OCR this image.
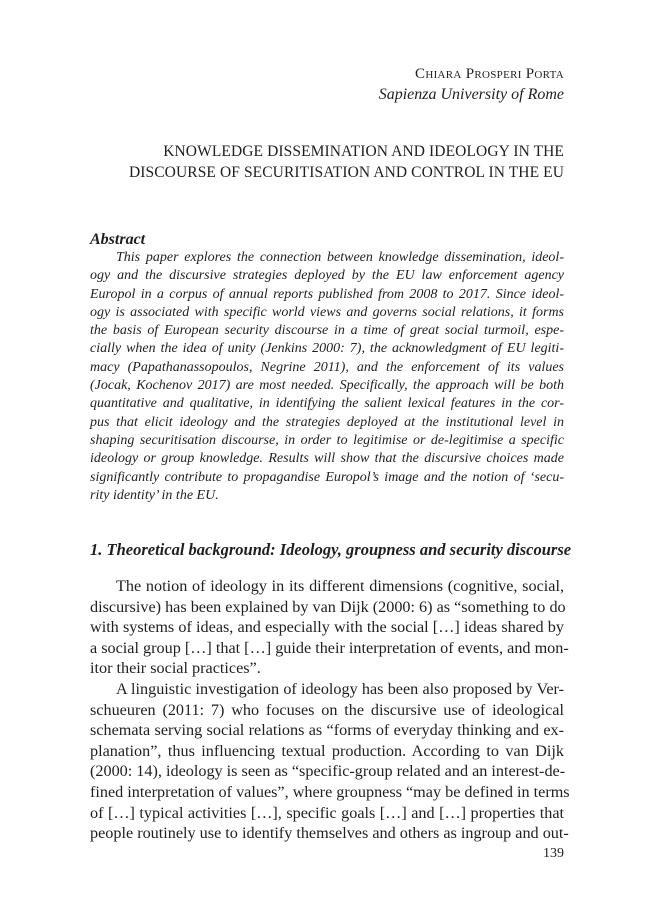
Chiara Prosperi Porta
Sapienza University of Rome
KNOWLEDGE DISSEMINATION AND IDEOLOGY IN THE
DISCOURSE OF SECURITISATION AND CONTROL IN THE EU
Abstract
This paper explores the connection between knowledge dissemination, ideol-
ogy and the discursive strategies deployed by the EU law enforcement agency
Europol in a corpus of annual reports published from 2008 to 2017. Since ideol-
ogy is associated with specific world views and governs social relations, it forms
the basis of European security discourse in a time of great social turmoil, espe-
cially when the idea of unity (Jenkins 2000: 7), the acknowledgment of EU legiti-
macy (Papathanassopoulos, Negrine 2011), and the enforcement of its values
(Jocak, Kochenov 2017) are most needed. Specifically, the approach will be both
quantitative and qualitative, in identifying the salient lexical features in the cor-
pus that elicit ideology and the strategies deployed at the institutional level in
shaping securitisation discourse, in order to legitimise or de-legitimise a specific
ideology or group knowledge. Results will show that the discursive choices made
significantly contribute to propagandise Europol’s image and the notion of ‘secu-
rity identity’ in the EU.
1. Theoretical background: Ideology, groupness and security discourse
The notion of ideology in its different dimensions (cognitive, social,
discursive) has been explained by van Dijk (2000: 6) as “something to do
with systems of ideas, and especially with the social […] ideas shared by
a social group […] that […] guide their interpretation of events, and mon-
itor their social practices”.
A linguistic investigation of ideology has been also proposed by Ver-
schueuren (2011: 7) who focuses on the discursive use of ideological
schemata serving social relations as “forms of everyday thinking and ex-
planation”, thus influencing textual production. According to van Dijk
(2000: 14), ideology is seen as “specific-group related and an interest-de-
fined interpretation of values”, where groupness “may be defined in terms
of […] typical activities […], specific goals […] and […] properties that
people routinely use to identify themselves and others as ingroup and out-
139
